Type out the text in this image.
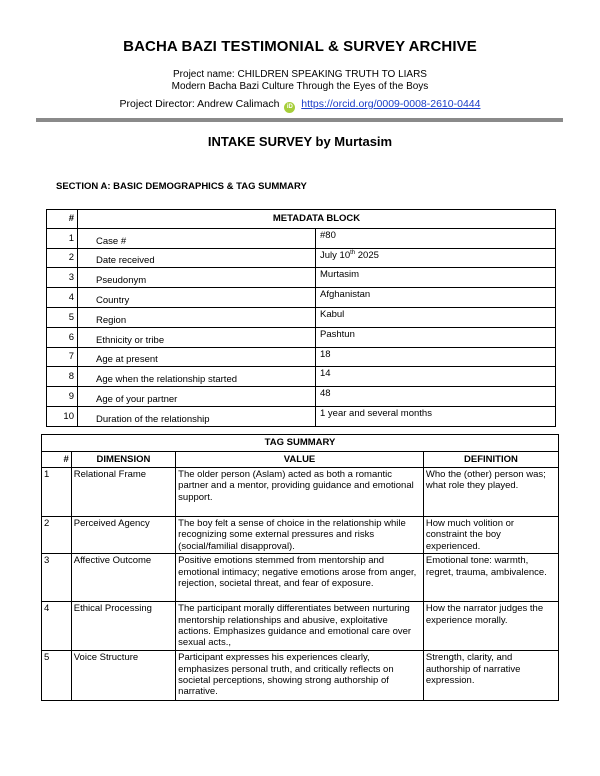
BACHA BAZI TESTIMONIAL & SURVEY ARCHIVE
Project name: CHILDREN SPEAKING TRUTH TO LIARS
Modern Bacha Bazi Culture Through the Eyes of the Boys
Project Director: Andrew Calimach iD https://orcid.org/0009-0008-2610-0444
INTAKE SURVEY by Murtasim
SECTION A: BASIC DEMOGRAPHICS & TAG SUMMARY
#	METADATA BLOCK	
1	Case #	#80
2	Date received	July 10th 2025
3	Pseudonym	Murtasim
4	Country	Afghanistan
5	Region	Kabul
6	Ethnicity or tribe	Pashtun
7	Age at present	18
8	Age when the relationship started	14
9	Age of your partner	48
10	Duration of the relationship	1 year and several months
TAG SUMMARY			
#	DIMENSION	VALUE	DEFINITION
1	Relational Frame	The older person (Aslam) acted as both a romantic partner and a mentor, providing guidance and emotional support.	Who the (other) person was; what role they played.
2	Perceived Agency	The boy felt a sense of choice in the relationship while recognizing some external pressures and risks (social/familial disapproval).	How much volition or constraint the boy experienced.
3	Affective Outcome	Positive emotions stemmed from mentorship and emotional intimacy; negative emotions arose from anger, rejection, societal threat, and fear of exposure.	Emotional tone: warmth, regret, trauma, ambivalence.
4	Ethical Processing	The participant morally differentiates between nurturing mentorship relationships and abusive, exploitative actions. Emphasizes guidance and emotional care over sexual acts.,	How the narrator judges the experience morally.
5	Voice Structure	Participant expresses his experiences clearly, emphasizes personal truth, and critically reflects on societal perceptions, showing strong authorship of narrative.	Strength, clarity, and authorship of narrative expression.
